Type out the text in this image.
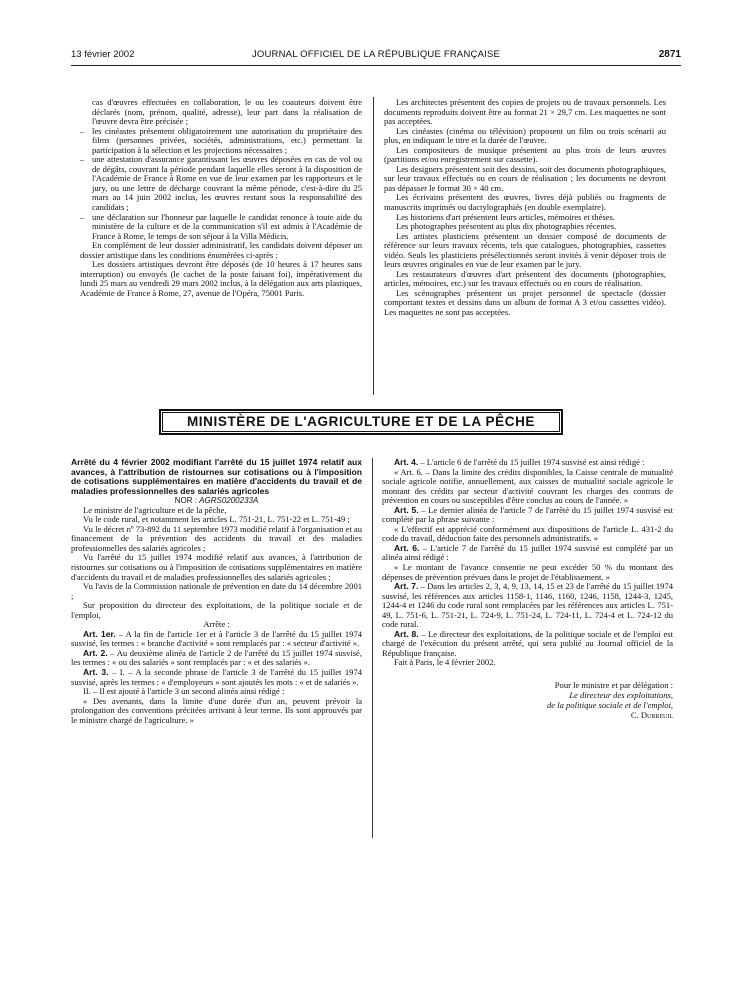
13 février 2002	JOURNAL OFFICIEL DE LA RÉPUBLIQUE FRANÇAISE	2871
cas d'œuvres effectuées en collaboration, le ou les coauteurs doivent être déclarés (nom, prénom, qualité, adresse), leur part dans la réalisation de l'œuvre devra être précisée ;
– les cinéastes présentent obligatoirement une autorisation du propriétaire des films (personnes privées, sociétés, administrations, etc.) permettant la participation à la sélection et les projections nécessaires ;
– une attestation d'assurance garantissant les œuvres déposées en cas de vol ou de dégâts, couvrant la période pendant laquelle elles seront à la disposition de l'Académie de France à Rome en vue de leur examen par les rapporteurs et le jury, ou une lettre de décharge couvrant la même période, c'est-à-dire du 25 mars au 14 juin 2002 inclus, les œuvres restant sous la responsabilité des candidats ;
– une déclaration sur l'honneur par laquelle le candidat renonce à toute aide du ministère de la culture et de la communication s'il est admis à l'Académie de France à Rome, le temps de son séjour à la Villa Médicis.

En complément de leur dossier administratif, les candidats doivent déposer un dossier artistique dans les conditions énumérées ci-après :

Les dossiers artistiques devront être déposés (de 10 heures à 17 heures sans interruption) ou envoyés (le cachet de la poste faisant foi), impérativement du lundi 25 mars au vendredi 29 mars 2002 inclus, à la délégation aux arts plastiques, Académie de France à Rome, 27, avenue de l'Opéra, 75001 Paris.

Les architectes présentent des copies de projets ou de travaux personnels. Les documents reproduits doivent être au format 21 × 29,7 cm. Les maquettes ne sont pas acceptées.

Les cinéastes (cinéma ou télévision) proposent un film ou trois scénarii au plus, en indiquant le titre et la durée de l'œuvre.

Les compositeurs de musique présentent au plus trois de leurs œuvres (partitions et/ou enregistrement sur cassette).

Les designers présentent soit des dessins, soit des documents photographiques, sur leur travaux effectués ou en cours de réalisation ; les documents ne devront pas dépasser le format 30 × 40 cm.

Les écrivains présentent des œuvres, livres déjà publiés ou fragments de manuscrits imprimés ou dactylographiés (en double exemplaire).

Les historiens d'art présentent leurs articles, mémoires et thèses.

Les photographes présentent au plus dix photographies récentes.

Les artistes plasticiens présentent un dossier composé de documents de référence sur leurs travaux récents, tels que catalogues, photographies, cassettes vidéo. Seuls les plasticiens présélectionnés seront invités à venir déposer trois de leurs œuvres originales en vue de leur examen par le jury.

Les restaurateurs d'œuvres d'art présentent des documents (photographies, articles, mémoires, etc.) sur les travaux effectués ou en cours de réalisation.

Les scénographes présentent un projet personnel de spectacle (dossier comportant textes et dessins dans un album de format A 3 et/ou cassettes vidéo). Les maquettes ne sont pas acceptées.

MINISTÈRE DE L'AGRICULTURE ET DE LA PÊCHE

Arrêté du 4 février 2002 modifiant l'arrêté du 15 juillet 1974 relatif aux avances, à l'attribution de ristournes sur cotisations ou à l'imposition de cotisations supplémentaires en matière d'accidents du travail et de maladies professionnelles des salariés agricoles

NOR : AGRS0200233A

Le ministre de l'agriculture et de la pêche,

Vu le code rural, et notamment les articles L. 751-21, L. 751-22 et L. 751-49 ;

Vu le décret nº 73-892 du 11 septembre 1973 modifié relatif à l'organisation et au financement de la prévention des accidents du travail et des maladies professionnelles des salariés agricoles ;

Vu l'arrêté du 15 juillet 1974 modifié relatif aux avances, à l'attribution de ristournes sur cotisations ou à l'imposition de cotisations supplémentaires en matière d'accidents du travail et de maladies professionnelles des salariés agricoles ;

Vu l'avis de la Commission nationale de prévention en date du 14 décembre 2001 ;

Sur proposition du directeur des exploitations, de la politique sociale et de l'emploi,

Arrête :

Art. 1er. – A la fin de l'article 1er et à l'article 3 de l'arrêté du 15 juillet 1974 susvisé, les termes : « branche d'activité » sont remplacés par : « secteur d'activité ».

Art. 2. – Au deuxième alinéa de l'article 2 de l'arrêté du 15 juillet 1974 susvisé, les termes : « ou des salariés » sont remplacés par : « et des salariés ».

Art. 3. – I. – A la seconde phrase de l'article 3 de l'arrêté du 15 juillet 1974 susvisé, après les termes : « d'employeurs » sont ajoutés les mots : « et de salariés ».

II. – Il est ajouté à l'article 3 un second alinéa ainsi rédigé :

« Des avenants, dans la limite d'une durée d'un an, peuvent prévoir la prolongation des conventions précitées arrivant à leur terme. Ils sont approuvés par le ministre chargé de l'agriculture. »

Art. 4. – L'article 6 de l'arrêté du 15 juillet 1974 susvisé est ainsi rédigé :

« Art. 6. – Dans la limite des crédits disponibles, la Caisse centrale de mutualité sociale agricole notifie, annuellement, aux caisses de mutualité sociale agricole le montant des crédits par secteur d'activité couvrant les charges des contrats de prévention en cours ou susceptibles d'être conclus au cours de l'année. »

Art. 5. – Le dernier alinéa de l'article 7 de l'arrêté du 15 juillet 1974 susvisé est complété par la phrase suivante :

« L'effectif est apprécié conformément aux dispositions de l'article L. 431-2 du code du travail, déduction faite des personnels administratifs. »

Art. 6. – L'article 7 de l'arrêté du 15 juillet 1974 susvisé est complété par un alinéa ainsi rédigé :

« Le montant de l'avance consentie ne peut excéder 50 % du montant des dépenses de prévention prévues dans le projet de l'établissement. »

Art. 7. – Dans les articles 2, 3, 4, 9, 13, 14, 15 et 23 de l'arrêté du 15 juillet 1974 susvisé, les références aux articles 1158-1, 1146, 1160, 1246, 1158, 1244-3, 1245, 1244-4 et 1246 du code rural sont remplacées par les références aux articles L. 751-49, L. 751-6, L. 751-21, L. 724-9, L. 751-24, L. 724-11, L. 724-4 et L. 724-12 du code rural.

Art. 8. – Le directeur des exploitations, de la politique sociale et de l'emploi est chargé de l'exécution du présent arrêté, qui sera publié au Journal officiel de la République française.

Fait à Paris, le 4 février 2002.

Pour le ministre et par délégation :
Le directeur des exploitations,
de la politique sociale et de l'emploi,
C. Dubreuil
